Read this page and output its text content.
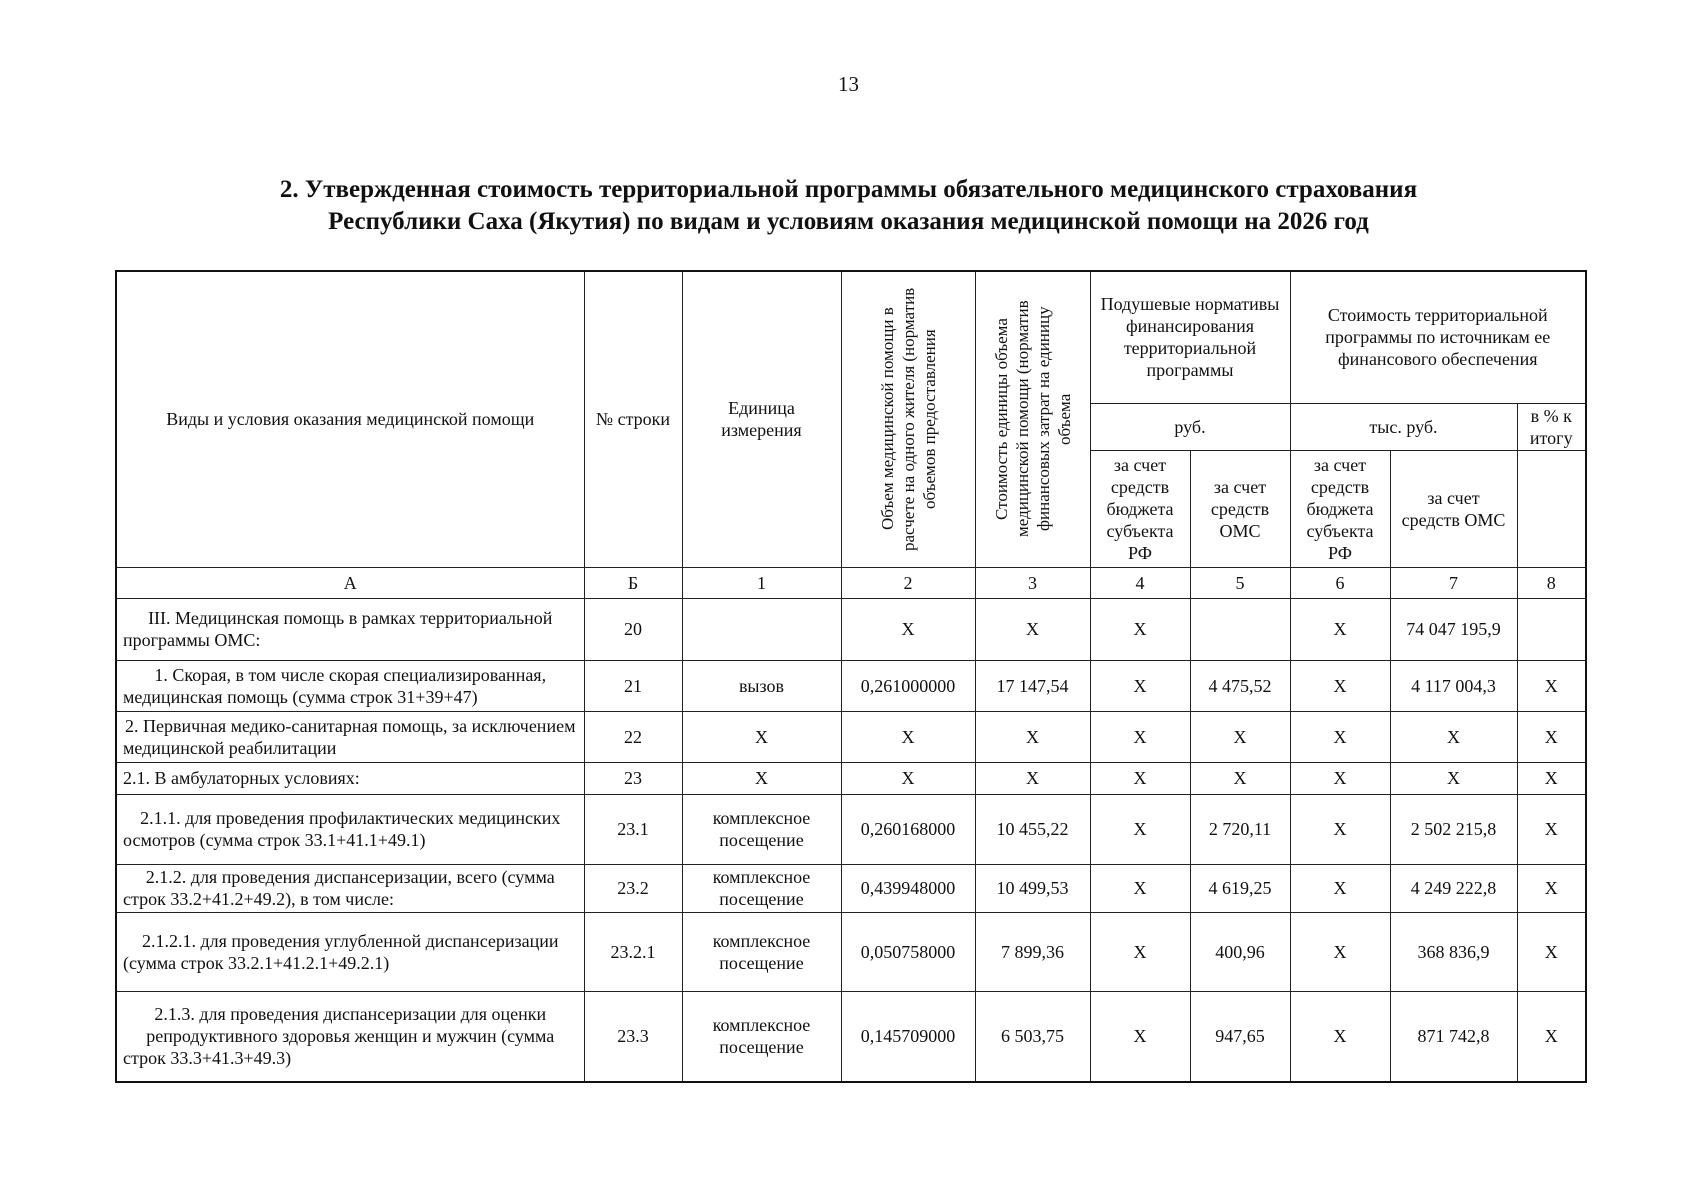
13
2. Утвержденная стоимость территориальной программы обязательного медицинского страхования
Республики Саха (Якутия) по видам и условиям оказания медицинской помощи на 2026 год
Виды и условия оказания медицинской помощи	№ строки	Единица измерения	Объем медицинской помощи в расчете на одного жителя (норматив объемов предоставления	Стоимость единицы объема медицинской помощи (норматив финансовых затрат на единицу объема	Подушевые нормативы финансирования территориальной программы		Стоимость территориальной программы по источникам ее финансового обеспечения		
					руб.		тыс. руб.		в % к итогу
					за счет средств бюджета субъекта РФ	за счет средств ОМС	за счет средств бюджета субъекта РФ	за счет средств ОМС	
А	Б	1	2	3	4	5	6	7	8
III. Медицинская помощь в рамках территориальной программы ОМС:	20		X	X	X		X	74 047 195,9	
1. Скорая, в том числе скорая специализированная, медицинская помощь (сумма строк 31+39+47)	21	вызов	0,261000000	17 147,54	X	4 475,52	X	4 117 004,3	X
2. Первичная медико-санитарная помощь, за исключением медицинской реабилитации	22	X	X	X	X	X	X	X	X
2.1. В амбулаторных условиях:	23	X	X	X	X	X	X	X	X
2.1.1. для проведения профилактических медицинских осмотров (сумма строк 33.1+41.1+49.1)	23.1	комплексное посещение	0,260168000	10 455,22	X	2 720,11	X	2 502 215,8	X
2.1.2. для проведения диспансеризации, всего (сумма строк 33.2+41.2+49.2), в том числе:	23.2	комплексное посещение	0,439948000	10 499,53	X	4 619,25	X	4 249 222,8	X
2.1.2.1. для проведения углубленной диспансеризации (сумма строк 33.2.1+41.2.1+49.2.1)	23.2.1	комплексное посещение	0,050758000	7 899,36	X	400,96	X	368 836,9	X
2.1.3. для проведения диспансеризации для оценки репродуктивного здоровья женщин и мужчин (сумма строк 33.3+41.3+49.3)	23.3	комплексное посещение	0,145709000	6 503,75	X	947,65	X	871 742,8	X
